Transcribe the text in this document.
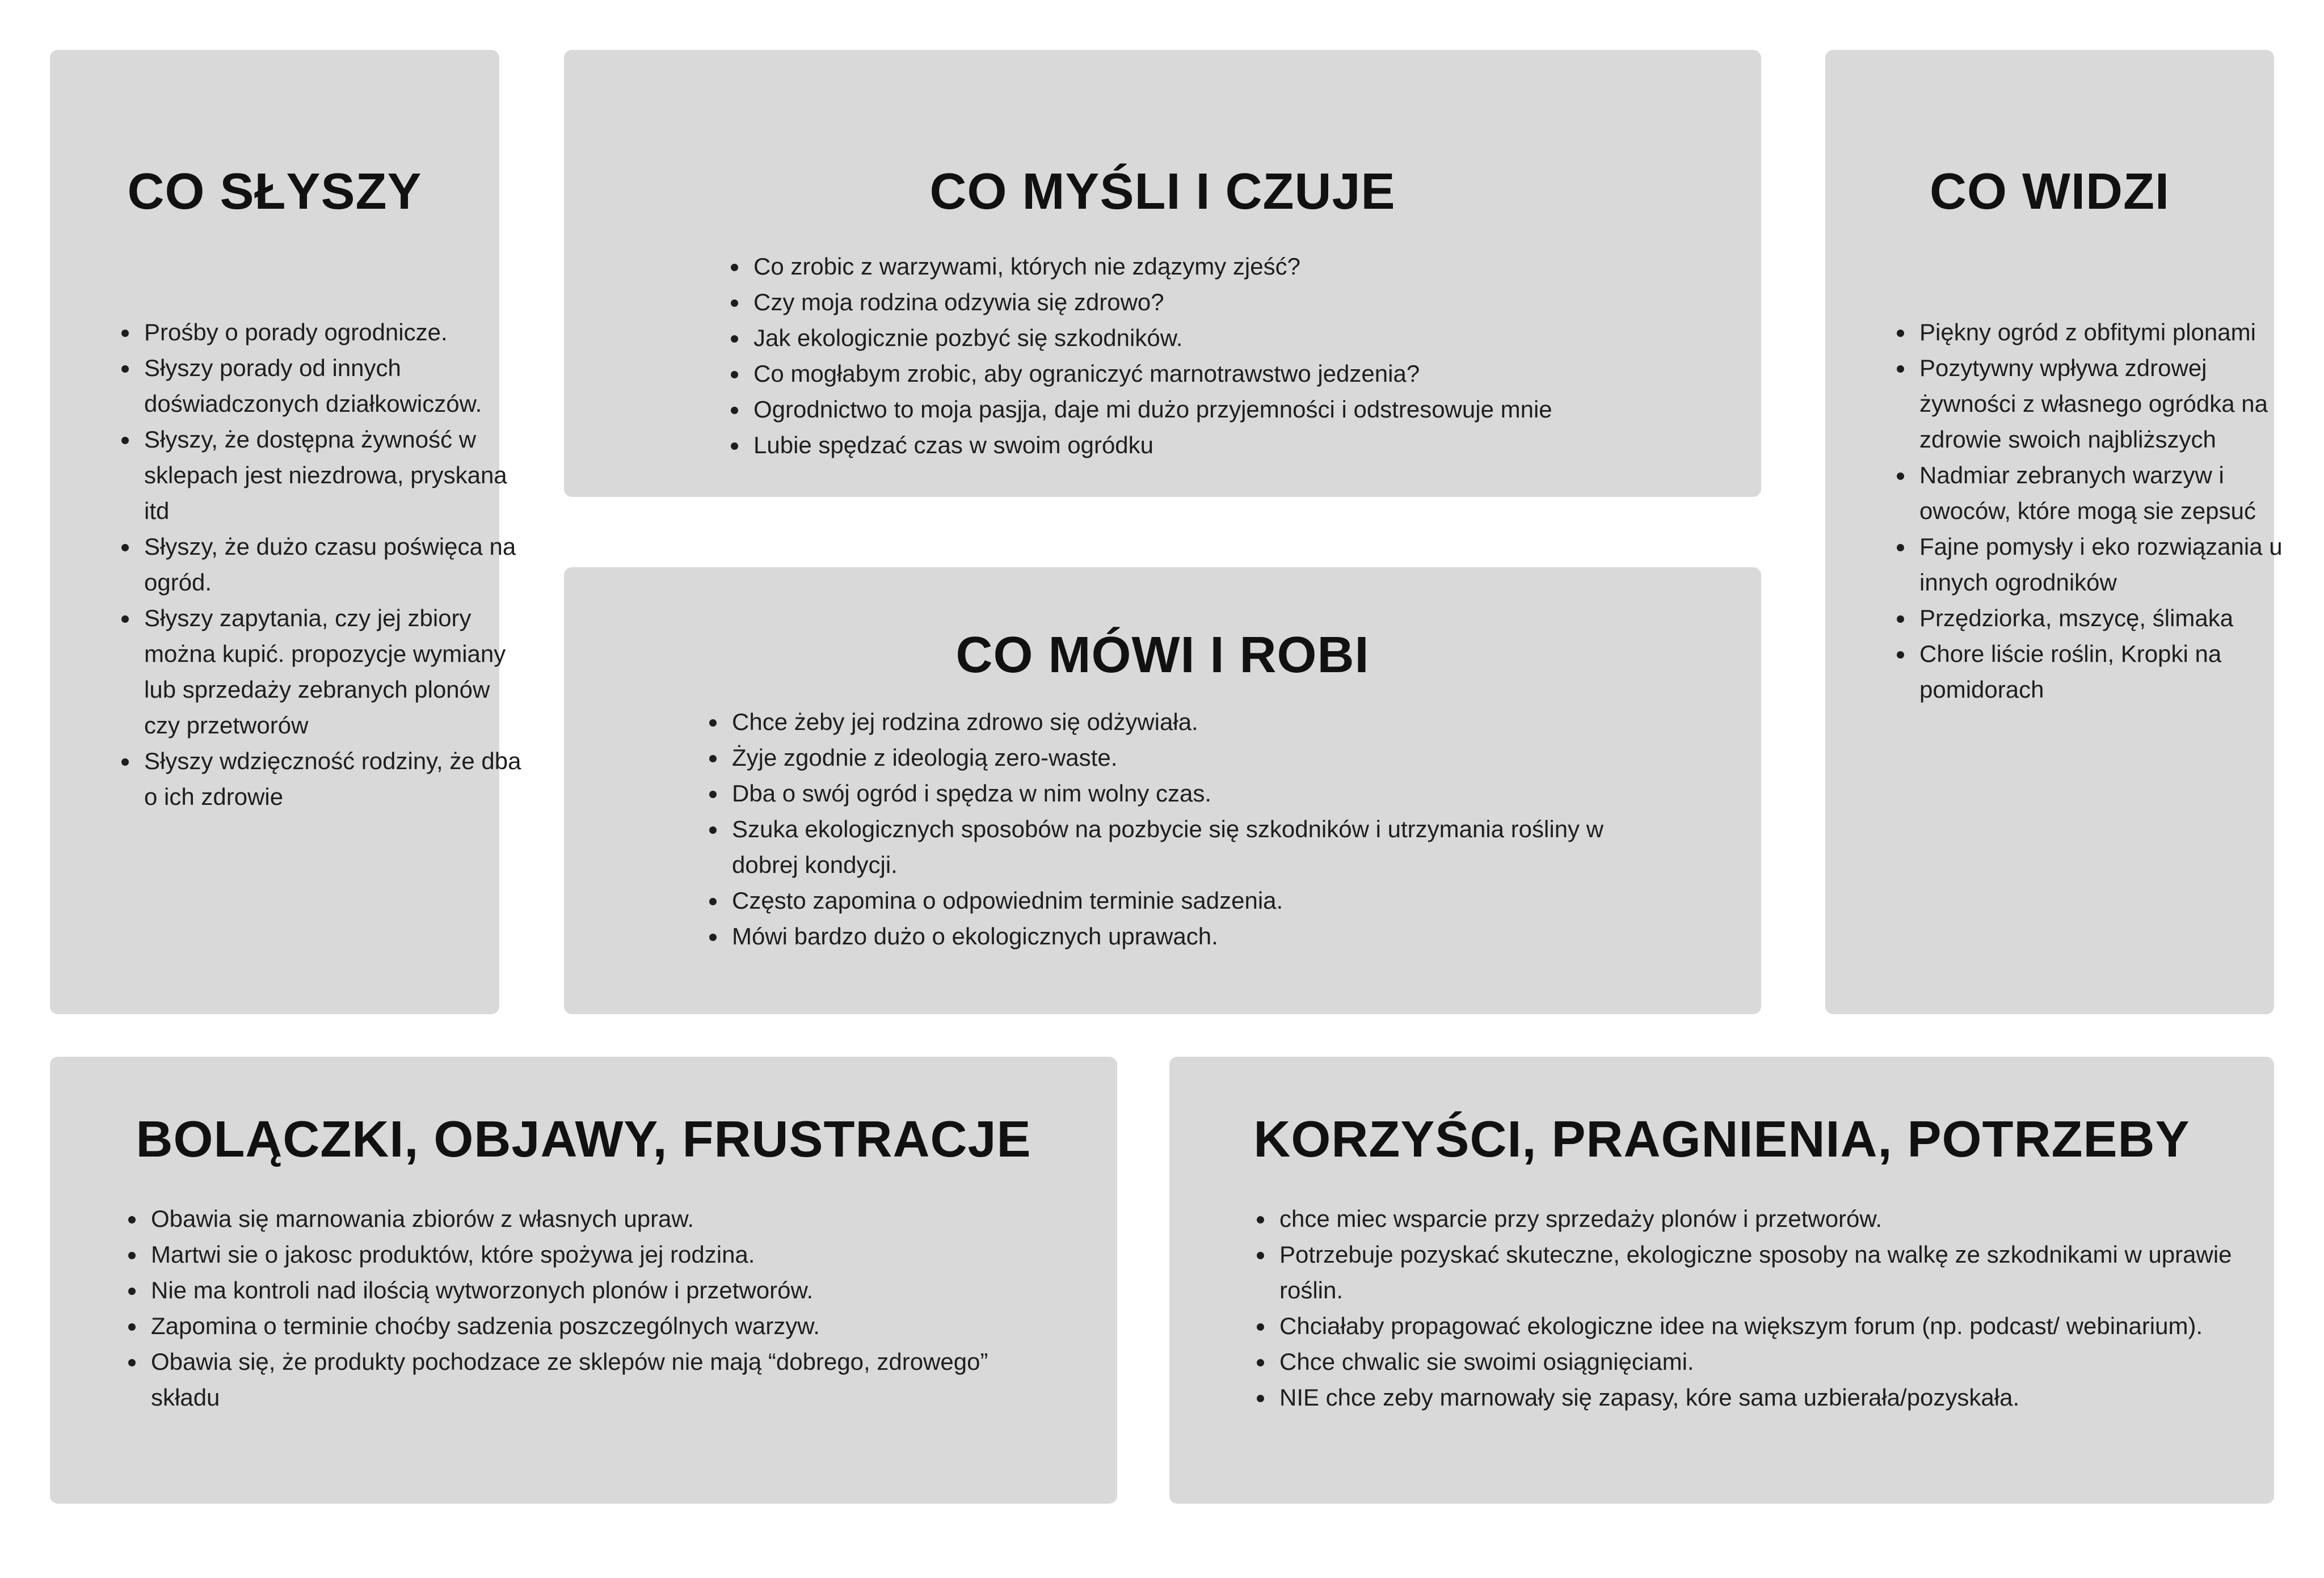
CO SŁYSZY
• Prośby o porady ogrodnicze.
• Słyszy porady od innych doświadczonych działkowiczów.
• Słyszy, że dostępna żywność w sklepach jest niezdrowa, pryskana itd
• Słyszy, że dużo czasu poświęca na ogród.
• Słyszy zapytania, czy jej zbiory można kupić. propozycje wymiany lub sprzedaży zebranych plonów czy przetworów
• Słyszy wdzięczność rodziny, że dba o ich zdrowie
CO MYŚLI I CZUJE
• Co zrobic z warzywami, których nie zdązymy zjeść?
• Czy moja rodzina odzywia się zdrowo?
• Jak ekologicznie pozbyć się szkodników.
• Co mogłabym zrobic, aby ograniczyć marnotrawstwo jedzenia?
• Ogrodnictwo to moja pasjja, daje mi dużo przyjemności i odstresowuje mnie
• Lubie spędzać czas w swoim ogródku
CO WIDZI
• Piękny ogród z obfitymi plonami
• Pozytywny wpływa zdrowej żywności z własnego ogródka na zdrowie swoich najbliższych
• Nadmiar zebranych warzyw i owoców, które mogą sie zepsuć
• Fajne pomysły i eko rozwiązania u innych ogrodników
• Przędziorka, mszycę, ślimaka
• Chore liście roślin, Kropki na pomidorach
CO MÓWI I ROBI
• Chce żeby jej rodzina zdrowo się odżywiała.
• Żyje zgodnie z ideologią zero-waste.
• Dba o swój ogród i spędza w nim wolny czas.
• Szuka ekologicznych sposobów na pozbycie się szkodników i utrzymania rośliny w dobrej kondycji.
• Często zapomina o odpowiednim terminie sadzenia.
• Mówi bardzo dużo o ekologicznych uprawach.
BOLĄCZKI, OBJAWY, FRUSTRACJE
• Obawia się marnowania zbiorów z własnych upraw.
• Martwi sie o jakosc produktów, które spożywa jej rodzina.
• Nie ma kontroli nad ilością wytworzonych plonów i przetworów.
• Zapomina o terminie choćby sadzenia poszczególnych warzyw.
• Obawia się, że produkty pochodzace ze sklepów nie mają “dobrego, zdrowego” składu
KORZYŚCI, PRAGNIENIA, POTRZEBY
• chce miec wsparcie przy sprzedaży plonów i przetworów.
• Potrzebuje pozyskać skuteczne, ekologiczne sposoby na walkę ze szkodnikami w uprawie roślin.
• Chciałaby propagować ekologiczne idee na większym forum (np. podcast/ webinarium).
• Chce chwalic sie swoimi osiągnięciami.
• NIE chce zeby marnowały się zapasy, kóre sama uzbierała/pozyskała.
